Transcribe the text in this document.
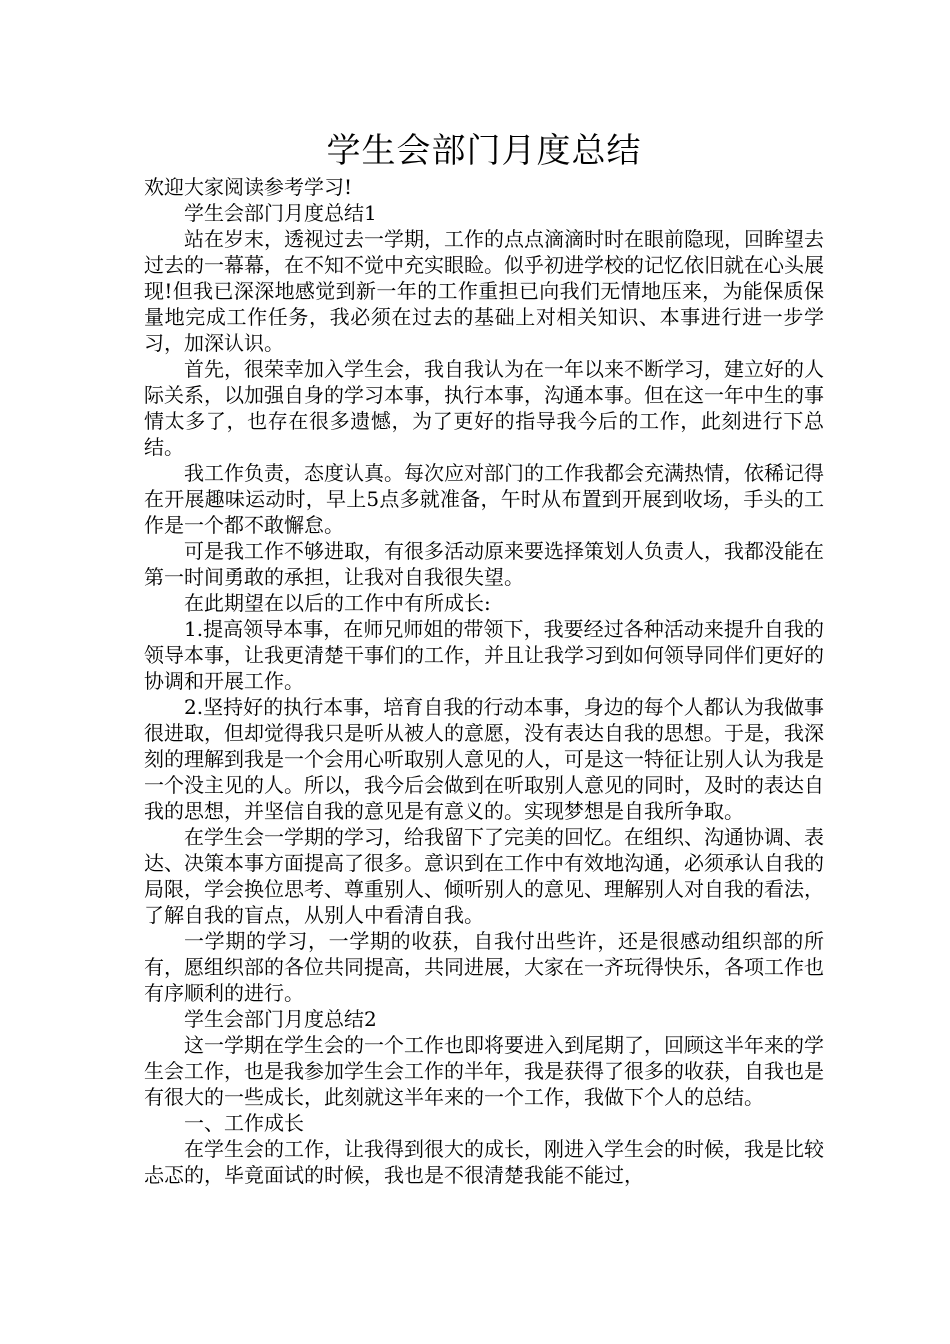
学生会部门月度总结

欢迎大家阅读参考学习!

学生会部门月度总结1

站在岁末，透视过去一学期，工作的点点滴滴时时在眼前隐现，回眸望去过去的一幕幕，在不知不觉中充实眼睑。似乎初进学校的记忆依旧就在心头展现!但我已深深地感觉到新一年的工作重担已向我们无情地压来，为能保质保量地完成工作任务，我必须在过去的基础上对相关知识、本事进行进一步学习，加深认识。

首先，很荣幸加入学生会，我自我认为在一年以来不断学习，建立好的人际关系，以加强自身的学习本事，执行本事，沟通本事。但在这一年中生的事情太多了，也存在很多遗憾，为了更好的指导我今后的工作，此刻进行下总结。

我工作负责，态度认真。每次应对部门的工作我都会充满热情，依稀记得在开展趣味运动时，早上5点多就准备，午时从布置到开展到收场，手头的工作是一个都不敢懈怠。

可是我工作不够进取，有很多活动原来要选择策划人负责人，我都没能在第一时间勇敢的承担，让我对自我很失望。

在此期望在以后的工作中有所成长:

1.提高领导本事，在师兄师姐的带领下，我要经过各种活动来提升自我的领导本事，让我更清楚干事们的工作，并且让我学习到如何领导同伴们更好的协调和开展工作。

2.坚持好的执行本事，培育自我的行动本事，身边的每个人都认为我做事很进取，但却觉得我只是听从被人的意愿，没有表达自我的思想。于是，我深刻的理解到我是一个会用心听取别人意见的人，可是这一特征让别人认为我是一个没主见的人。所以，我今后会做到在听取别人意见的同时，及时的表达自我的思想，并坚信自我的意见是有意义的。实现梦想是自我所争取。

在学生会一学期的学习，给我留下了完美的回忆。在组织、沟通协调、表达、决策本事方面提高了很多。意识到在工作中有效地沟通，必须承认自我的局限，学会换位思考、尊重别人、倾听别人的意见、理解别人对自我的看法，了解自我的盲点，从别人中看清自我。

一学期的学习，一学期的收获，自我付出些许，还是很感动组织部的所有，愿组织部的各位共同提高，共同进展，大家在一齐玩得快乐，各项工作也有序顺利的进行。

学生会部门月度总结2

这一学期在学生会的一个工作也即将要进入到尾期了，回顾这半年来的学生会工作，也是我参加学生会工作的半年，我是获得了很多的收获，自我也是有很大的一些成长，此刻就这半年来的一个工作，我做下个人的总结。

一、工作成长

在学生会的工作，让我得到很大的成长，刚进入学生会的时候，我是比较忐忑的，毕竟面试的时候，我也是不很清楚我能不能过，
